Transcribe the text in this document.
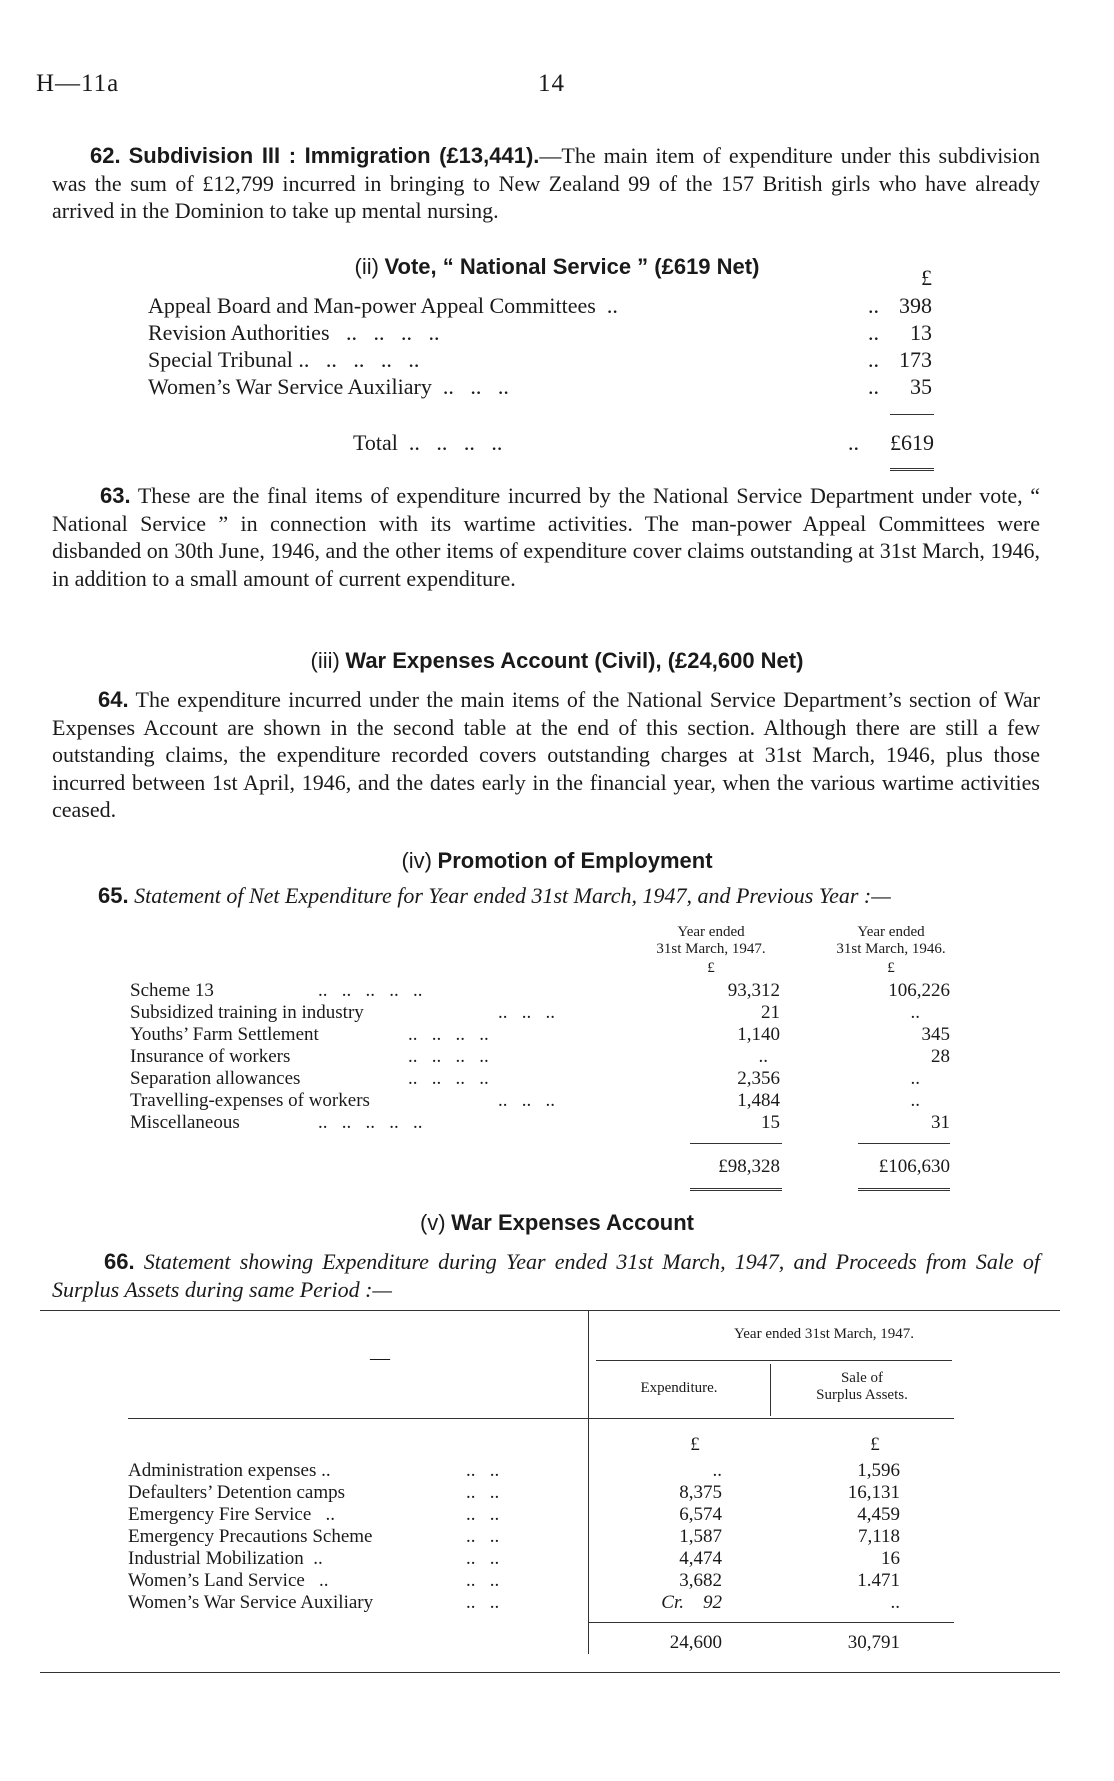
H—11a	14

62. Subdivision III : Immigration (£13,441).—The main item of expenditure under this subdivision was the sum of £12,799 incurred in bringing to New Zealand 99 of the 157 British girls who have already arrived in the Dominion to take up mental nursing.

(ii) Vote, “ National Service ” (£619 Net)	£
Appeal Board and Man-power Appeal Committees  ..	.. 398
Revision Authorities   ..   ..   ..   ..	..	13
Special Tribunal ..   ..   ..   ..   ..	.. 173
Women’s War Service Auxiliary  ..   ..   ..	..	35
Total  ..   ..   ..   ..	..	£619

63. These are the final items of expenditure incurred by the National Service Department under vote, “ National Service ” in connection with its wartime activities. The man-power Appeal Committees were disbanded on 30th June, 1946, and the other items of expenditure cover claims outstanding at 31st March, 1946, in addition to a small amount of current expenditure.

(iii) War Expenses Account (Civil), (£24,600 Net)

64. The expenditure incurred under the main items of the National Service Department’s section of War Expenses Account are shown in the second table at the end of this section. Although there are still a few outstanding claims, the expenditure recorded covers outstanding charges at 31st March, 1946, plus those incurred between 1st April, 1946, and the dates early in the financial year, when the various wartime activities ceased.

(iv) Promotion of Employment

65. Statement of Net Expenditure for Year ended 31st March, 1947, and Previous Year :—

Year ended
31st March, 1947.
Year ended
31st March, 1946.
£	£
Scheme 13	..   ..   ..   ..   ..	93,312	106,226
Subsidized training in industry	..   ..   ..	21	..
Youths’ Farm Settlement	..   ..   ..   ..	1,140	345
Insurance of workers	..   ..   ..   ..	..	28
Separation allowances	..   ..   ..   ..	2,356	..
Travelling-expenses of workers	..   ..   ..	1,484	..
Miscellaneous	..   ..   ..   ..   ..	15	31
£98,328	£106,630
(v) War Expenses Account

66. Statement showing Expenditure during Year ended 31st March, 1947, and Proceeds from Sale of Surplus Assets during same Period :—

Year ended 31st March, 1947.
—
Expenditure.
Sale of
Surplus Assets.
£	£
Administration expenses ..	..   ..	..	1,596
Defaulters’ Detention camps	..   ..	8,375	16,131
Emergency Fire Service   ..	..   ..	6,574	4,459
Emergency Precautions Scheme	..   ..	1,587	7,118
Industrial Mobilization  ..	..   ..	4,474	16
Women’s Land Service   ..	..   ..	3,682	1.471
Women’s War Service Auxiliary	..   ..	Cr.    92	..
24,600	30,791
